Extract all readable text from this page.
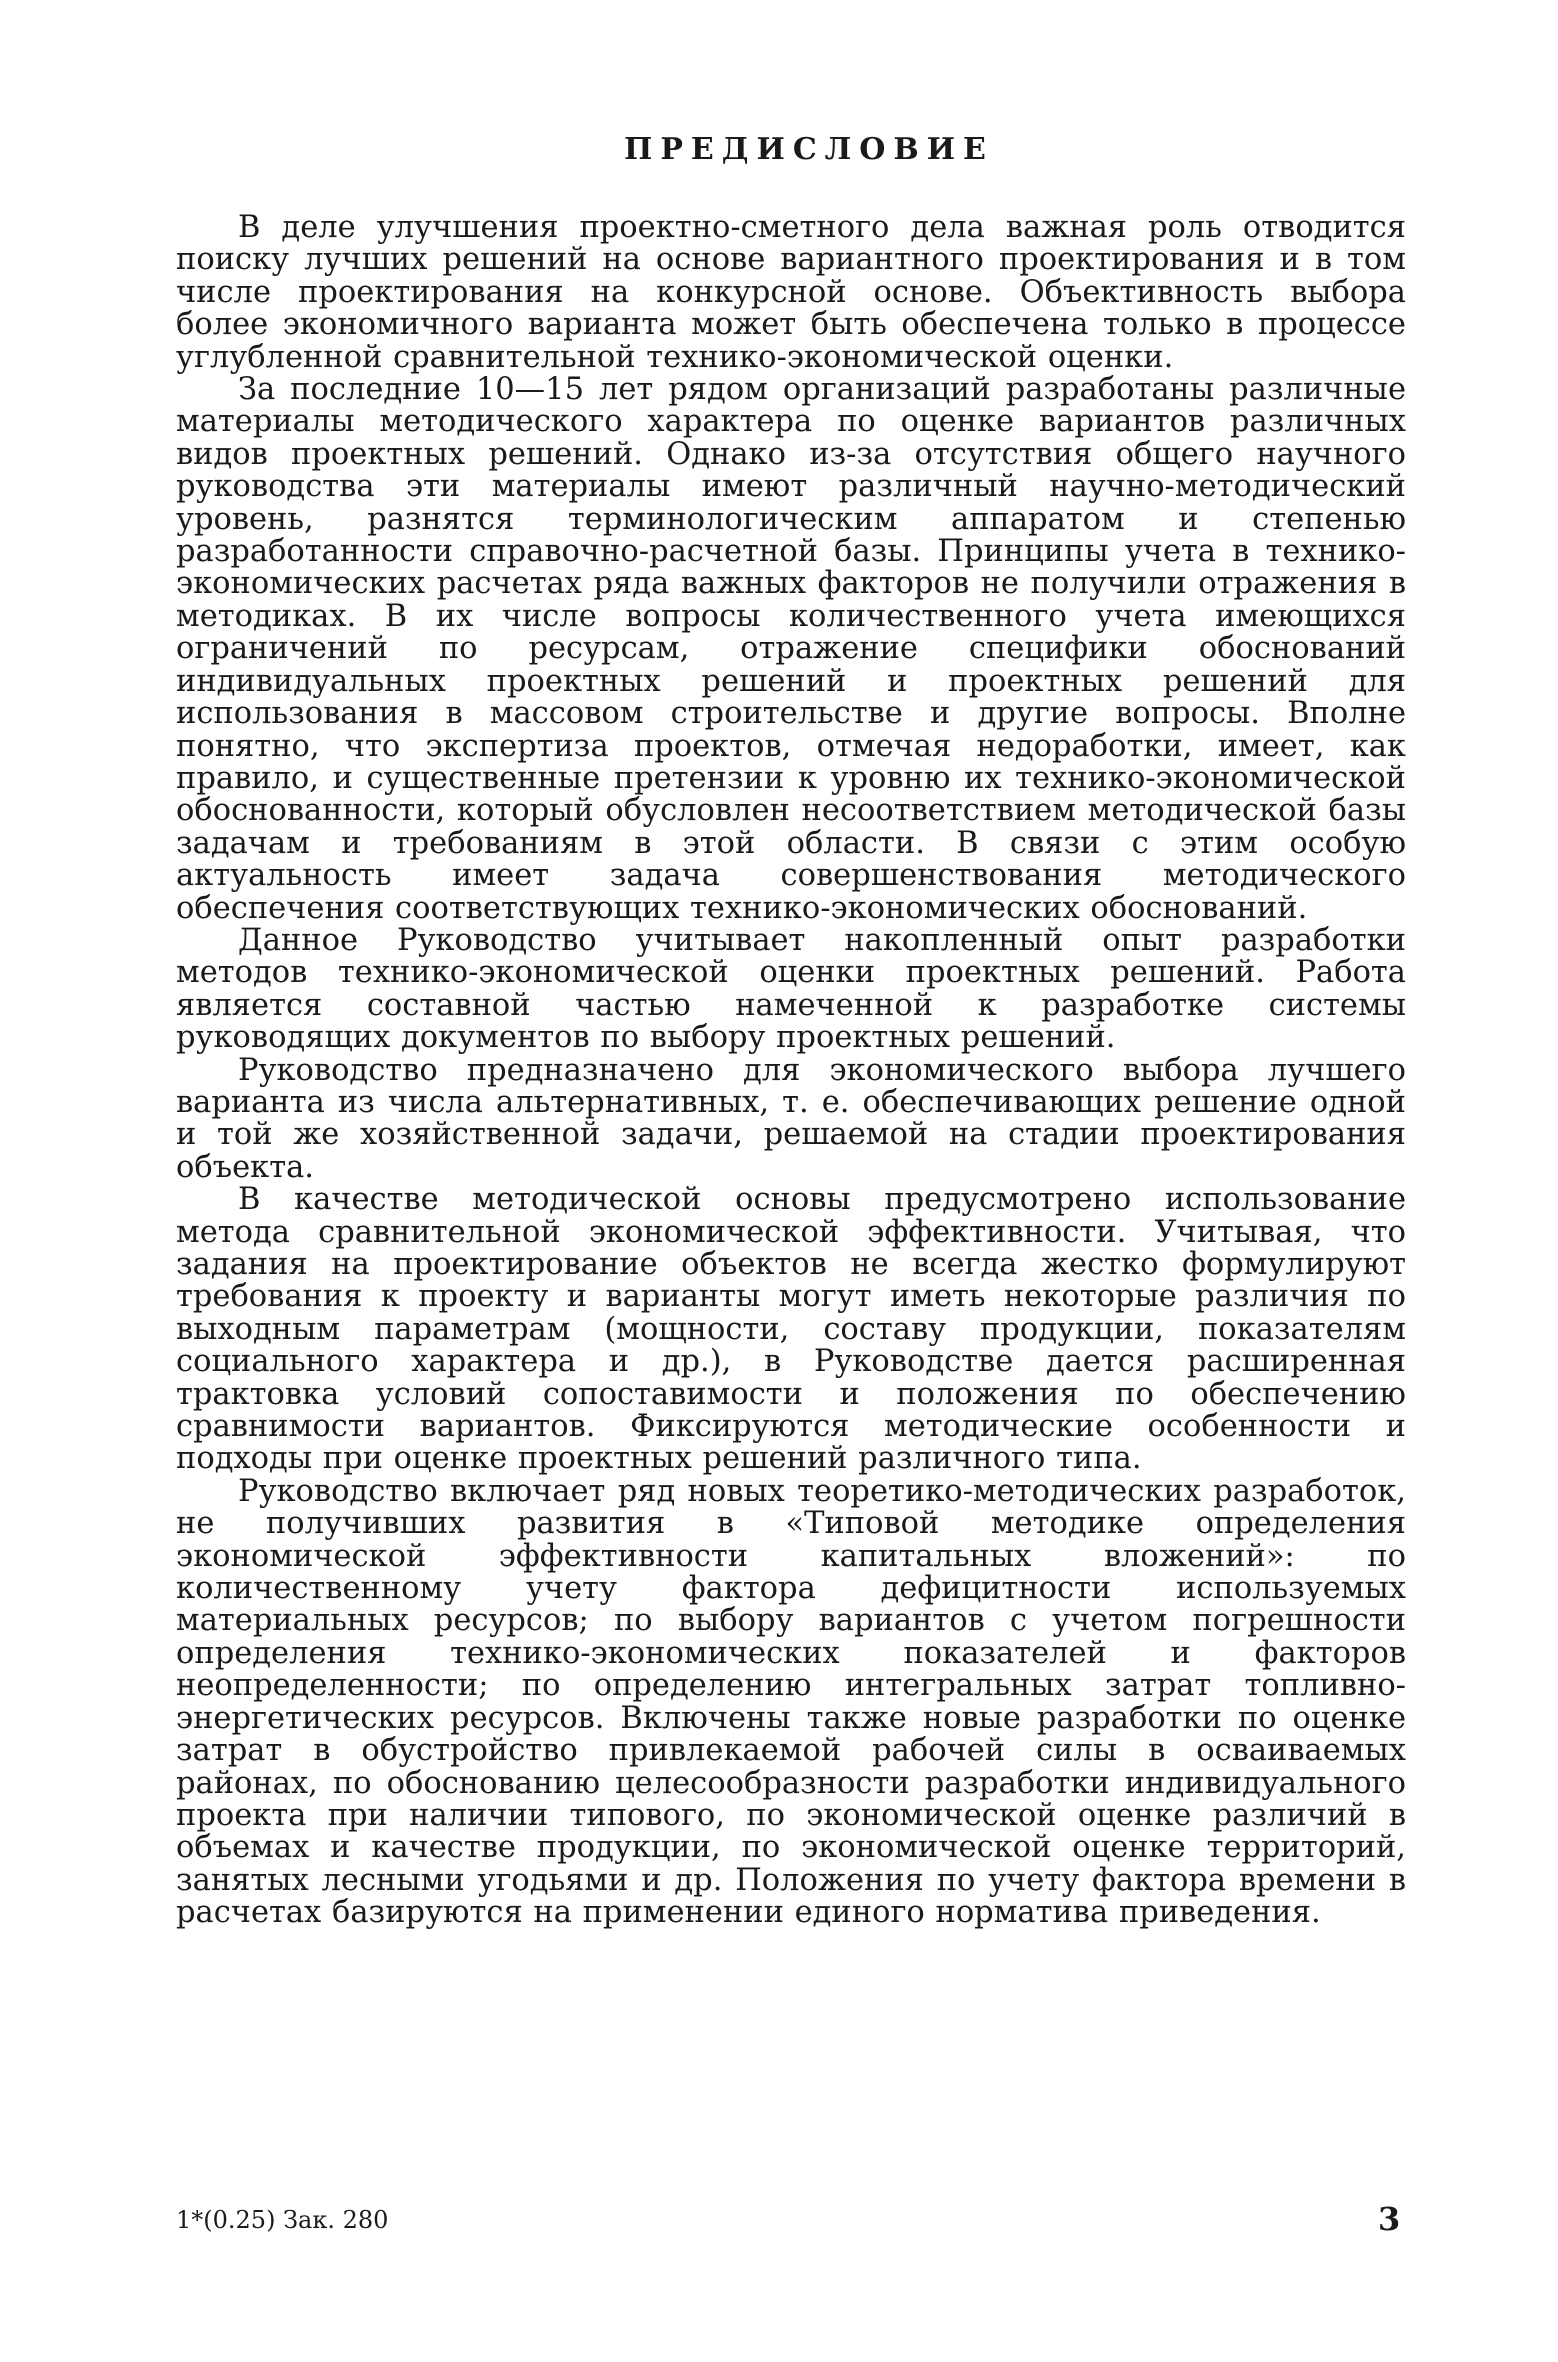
ПРЕДИСЛОВИЕ

В деле улучшения проектно-сметного дела важная роль отводится поиску лучших решений на основе вариантного проектирования и в том числе проектирования на конкурсной основе. Объективность выбора более экономичного варианта может быть обеспечена только в процессе углубленной сравнительной технико-экономической оценки.

За последние 10—15 лет рядом организаций разработаны различные материалы методического характера по оценке вариантов различных видов проектных решений. Однако из-за отсутствия общего научного руководства эти материалы имеют различный научно-методический уровень, разнятся терминологическим аппаратом и степенью разработанности справочно-расчетной базы. Принципы учета в технико-экономических расчетах ряда важных факторов не получили отражения в методиках. В их числе вопросы количественного учета имеющихся ограничений по ресурсам, отражение специфики обоснований индивидуальных проектных решений и проектных решений для использования в массовом строительстве и другие вопросы. Вполне понятно, что экспертиза проектов, отмечая недоработки, имеет, как правило, и существенные претензии к уровню их технико-экономической обоснованности, который обусловлен несоответствием методической базы задачам и требованиям в этой области. В связи с этим особую актуальность имеет задача совершенствования методического обеспечения соответствующих технико-экономических обоснований.

Данное Руководство учитывает накопленный опыт разработки методов технико-экономической оценки проектных решений. Работа является составной частью намеченной к разработке системы руководящих документов по выбору проектных решений.

Руководство предназначено для экономического выбора лучшего варианта из числа альтернативных, т. е. обеспечивающих решение одной и той же хозяйственной задачи, решаемой на стадии проектирования объекта.

В качестве методической основы предусмотрено использование метода сравнительной экономической эффективности. Учитывая, что задания на проектирование объектов не всегда жестко формулируют требования к проекту и варианты могут иметь некоторые различия по выходным параметрам (мощности, составу продукции, показателям социального характера и др.), в Руководстве дается расширенная трактовка условий сопоставимости и положения по обеспечению сравнимости вариантов. Фиксируются методические особенности и подходы при оценке проектных решений различного типа.

Руководство включает ряд новых теоретико-методических разработок, не получивших развития в «Типовой методике определения экономической эффективности капитальных вложений»: по количественному учету фактора дефицитности используемых материальных ресурсов; по выбору вариантов с учетом погрешности определения технико-экономических показателей и факторов неопределенности; по определению интегральных затрат топливно-энергетических ресурсов. Включены также новые разработки по оценке затрат в обустройство привлекаемой рабочей силы в осваиваемых районах, по обоснованию целесообразности разработки индивидуального проекта при наличии типового, по экономической оценке различий в объемах и качестве продукции, по экономической оценке территорий, занятых лесными угодьями и др. Положения по учету фактора времени в расчетах базируются на применении единого норматива приведения.

1*(0.25) Зак. 280	3
